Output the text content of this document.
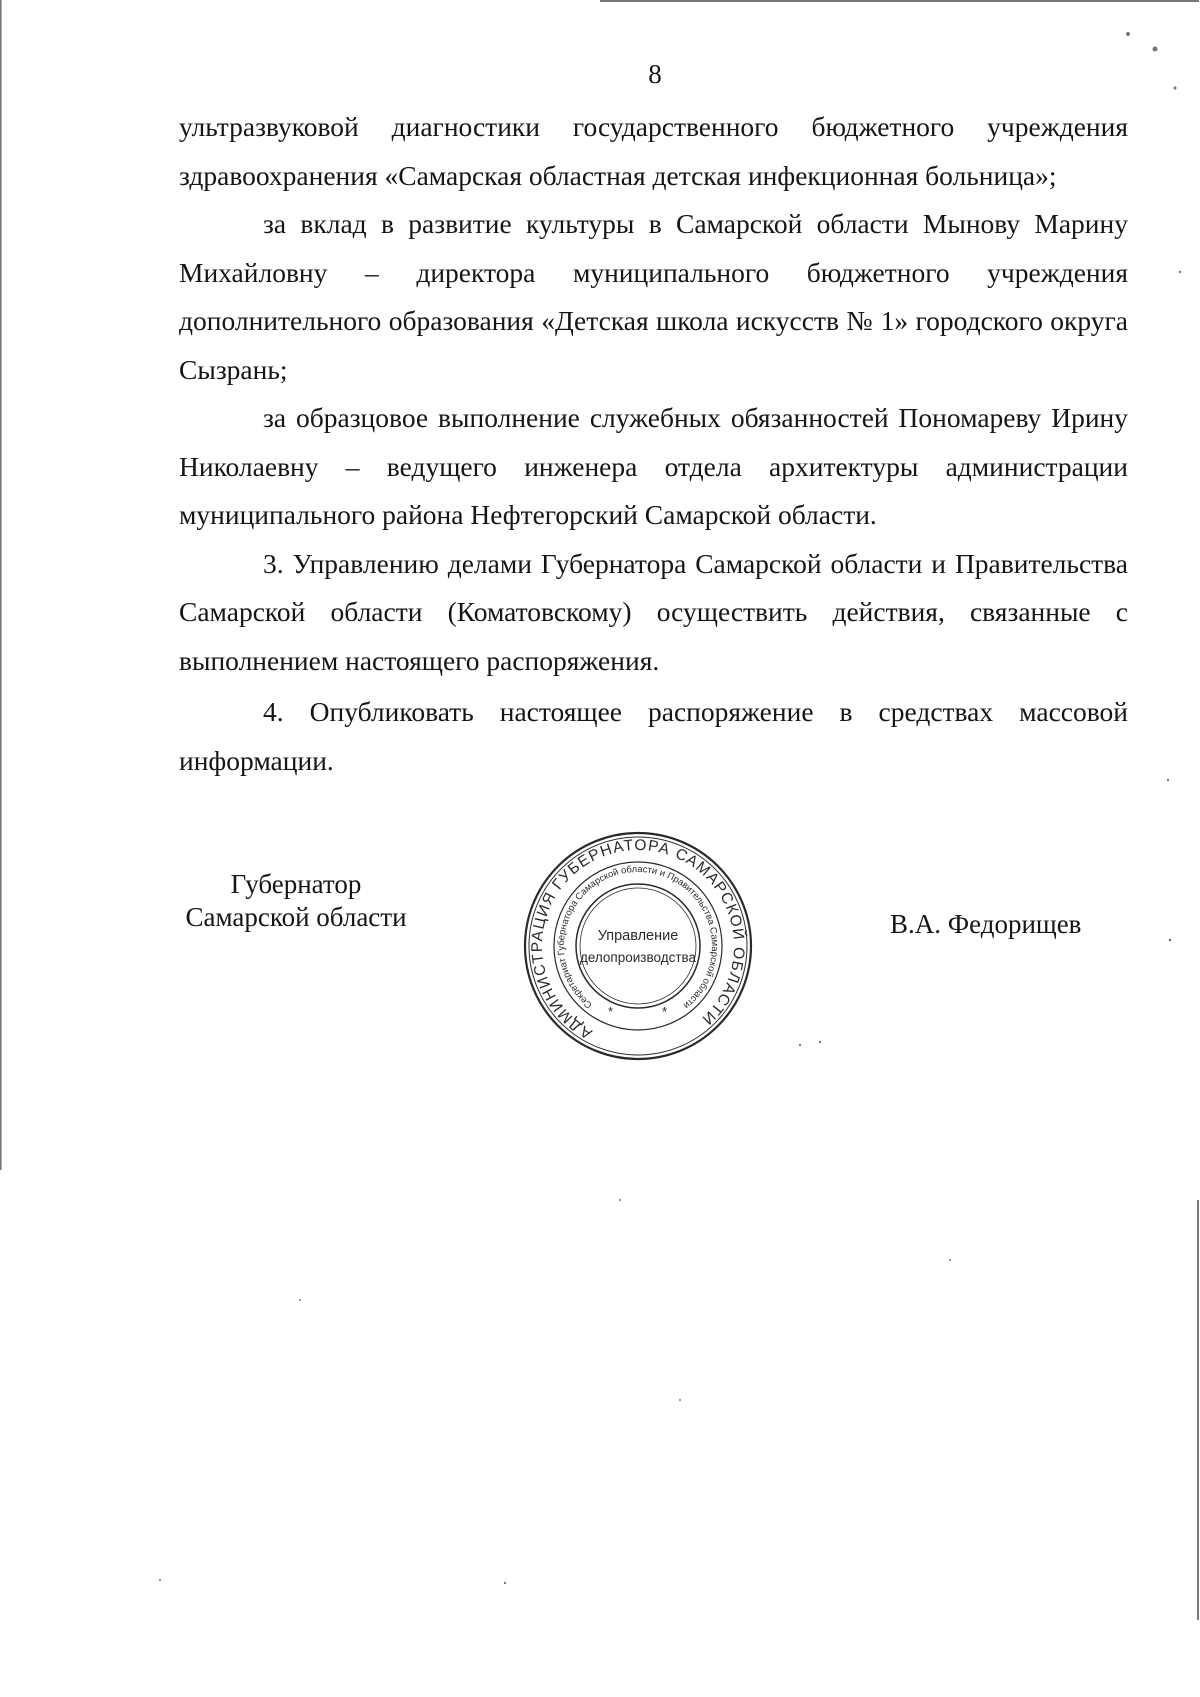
8

ультразвуковой диагностики государственного бюджетного учреждения здравоохранения «Самарская областная детская инфекционная больница»;

за вклад в развитие культуры в Самарской области Мынову Марину Михайловну – директора муниципального бюджетного учреждения дополнительного образования «Детская школа искусств № 1» городского округа Сызрань;

за образцовое выполнение служебных обязанностей Пономареву Ирину Николаевну – ведущего инженера отдела архитектуры администрации муниципального района Нефтегорский Самарской области.

3. Управлению делами Губернатора Самарской области и Правительства Самарской области (Коматовскому) осуществить действия, связанные с выполнением настоящего распоряжения.

4. Опубликовать настоящее распоряжение в средствах массовой информации.

Губернатор
Самарской области
АДМИНИСТРАЦИЯ ГУБЕРНАТОРА САМАРСКОЙ ОБЛАСТИ
Секретариат Губернатора Самарской области и Правительства Самарской области
Управление
делопроизводства
*	*
В.А. Федорищев
